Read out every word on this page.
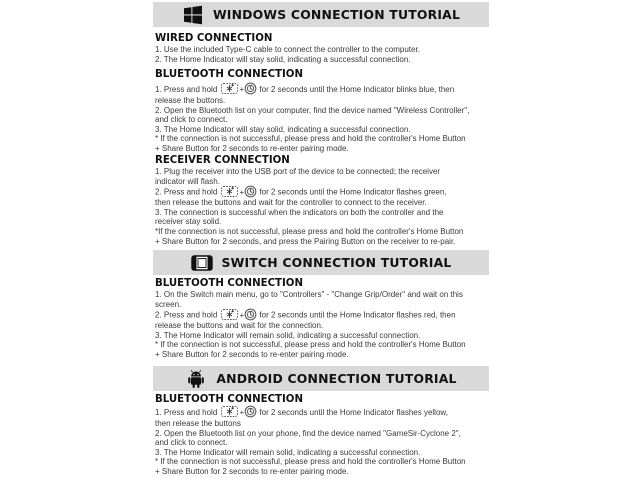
WINDOWS CONNECTION TUTORIAL
WIRED CONNECTION
1. Use the included Type-C cable to connect the controller to the computer.
2. The Home Indicator will stay solid, indicating a successful connection.
BLUETOOTH CONNECTION
1. Press and hold	+ for 2 seconds until the Home Indicator blinks blue, then
release the buttons.
2. Open the Bluetooth list on your computer, find the device named "Wireless Controller",
and click to connect.
3. The Home Indicator will stay solid, indicating a successful connection.
* If the connection is not successful, please press and hold the controller's Home Button
+ Share Button for 2 seconds to re-enter pairing mode.
RECEIVER CONNECTION
1. Plug the receiver into the USB port of the device to be connected; the receiver
indicator will flash.
2. Press and hold	+ for 2 seconds until the Home Indicator flashes green,
then release the buttons and wait for the controller to connect to the receiver.
3. The connection is successful when the indicators on both the controller and the
receiver stay solid.
*If the connection is not successful, please press and hold the controller's Home Button
+ Share Button for 2 seconds, and press the Pairing Button on the receiver to re-pair.
SWITCH CONNECTION TUTORIAL
BLUETOOTH CONNECTION
1. On the Switch main menu, go to "Controllers" - "Change Grip/Order" and wait on this
screen.
2. Press and hold	+ for 2 seconds until the Home Indicator flashes red, then
release the buttons and wait for the connection.
3. The Home Indicator will remain solid, indicating a successful connection.
* If the connection is not successful, please press and hold the controller's Home Button
+ Share Button for 2 seconds to re-enter pairing mode.
ANDROID CONNECTION TUTORIAL
BLUETOOTH CONNECTION
1. Press and hold	+ for 2 seconds until the Home Indicator flashes yellow,
then release the buttons
2. Open the Bluetooth list on your phone, find the device named "GameSir-Cyclone 2",
and click to connect.
3. The Home Indicator will remain solid, indicating a successful connection.
* If the connection is not successful, please press and hold the controller's Home Button
+ Share Button for 2 seconds to re-enter pairing mode.
